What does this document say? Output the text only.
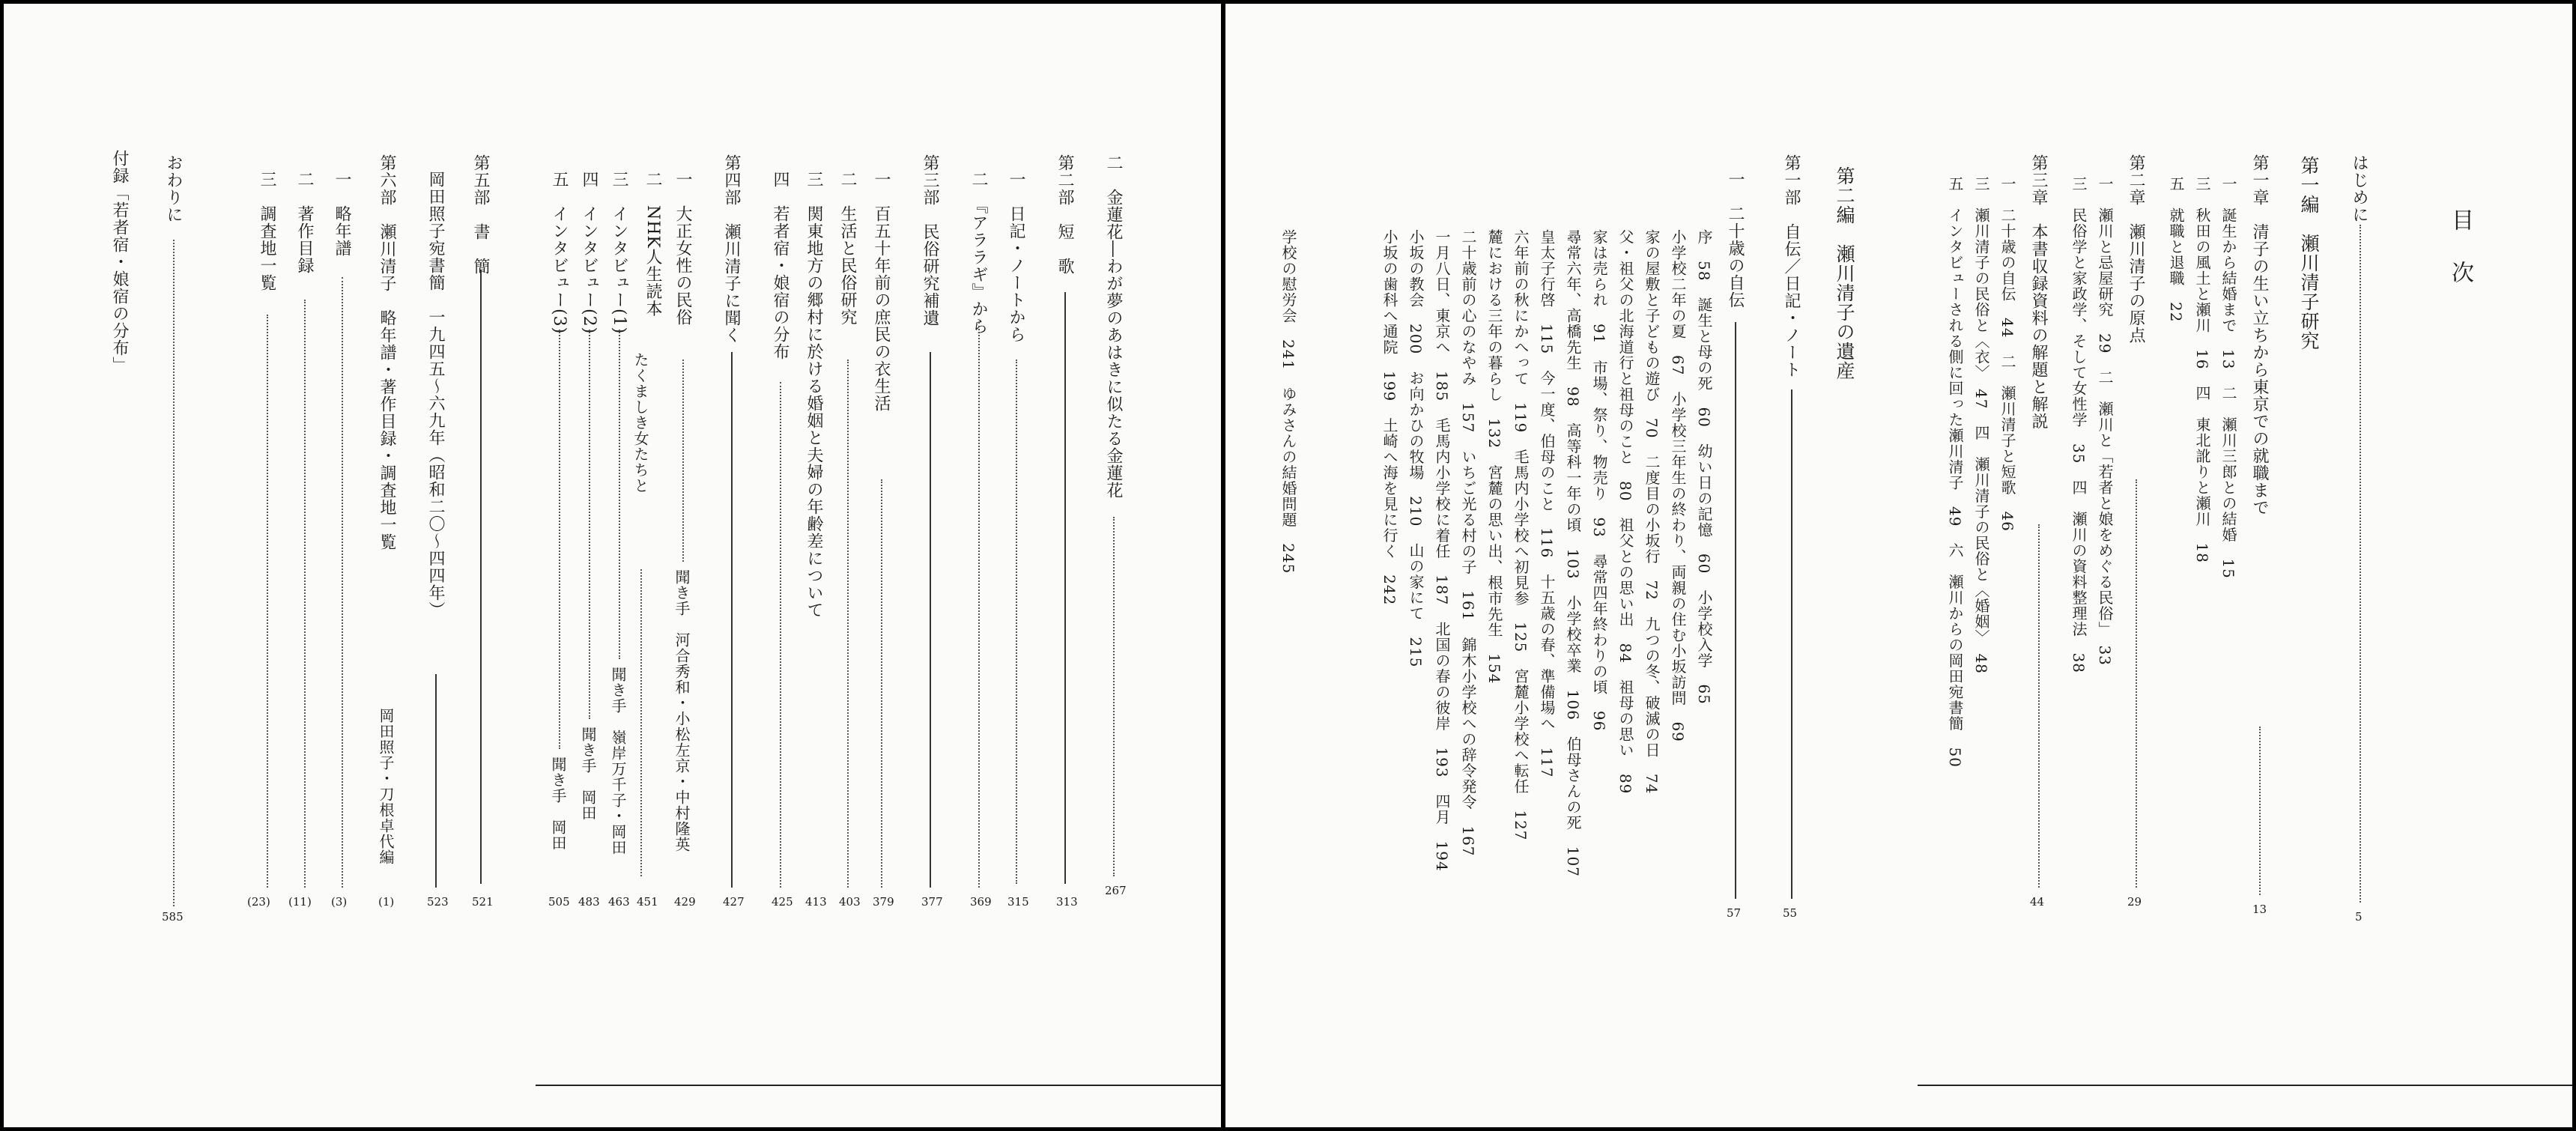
目次
はじめに
5
第一編　瀬川清子研究
第一章　清子の生い立ちから東京での就職まで
13
一　誕生から結婚まで　13　二　瀬川三郎との結婚　15
三　秋田の風土と瀬川　16　四　東北訛りと瀬川　18
五　就職と退職　22
第二章　瀬川清子の原点
29
一　瀬川と忌屋研究　29　二　瀬川と「若者と娘をめぐる民俗」　33
三　民俗学と家政学、そして女性学　35　四　瀬川の資料整理法　38
第三章　本書収録資料の解題と解説
44
一　二十歳の自伝　44　二　瀬川清子と短歌　46
三　瀬川清子の民俗と〈衣〉　47　四　瀬川清子の民俗と〈婚姻〉　48
五　インタビューされる側に回った瀬川清子　49　六　瀬川からの岡田宛書簡　50
第二編　瀬川清子の遺産
第一部　自伝／日記・ノート
55
一　二十歳の自伝
57
序　58　誕生と母の死　60　幼い日の記憶　60　小学校入学　65
小学校二年の夏　67　小学校三年生の終わり、両親の住む小坂訪問　69
家の屋敷と子どもの遊び　70　二度目の小坂行　72　九つの冬、破滅の日　74
父・祖父の北海道行と祖母のこと　80　祖父との思い出　84　祖母の思い　89
家は売られ　91　市場、祭り、物売り　93　尋常四年終わりの頃　96
尋常六年、高橋先生　98　高等科一年の頃　103　小学校卒業　106　伯母さんの死　107
皇太子行啓　115　今一度、伯母のこと　116　十五歳の春、準備場へ　117
六年前の秋にかへって　119　毛馬内小学校へ初見参　125　宮麓小学校へ転任　127
麓における三年の暮らし　132　宮麓の思い出、根市先生　154
二十歳前の心のなやみ　157　いちご光る村の子　161　錦木小学校への辞令発令　167
一月八日、東京へ　185　毛馬内小学校に着任　187　北国の春の彼岸　193　四月　194
小坂の教会　200　お向かひの牧場　210　山の家にて　215
小坂の歯科へ通院　199　土崎へ海を見に行く　242
学校の慰労会　241　ゆみさんの結婚問題　245
二　金蓮花―わが夢のあはきに似たる金蓮花
267
第二部　短　歌
313
一　日記・ノートから
315
二　『アララギ』から
369
第三部　民俗研究補遺
377
一　百五十年前の庶民の衣生活
379
二　生活と民俗研究
403
三　関東地方の郷村に於ける婚姻と夫婦の年齢差について
413
四　若者宿・娘宿の分布
425
第四部　瀬川清子に聞く
427
一　大正女性の民俗
聞き手　河合秀和・小松左京・中村隆英
429
二　NHK人生読本
たくましき女たちと
451
三　インタビュー(1)
聞き手　嶺岸万千子・岡田
463
四　インタビュー(2)
聞き手　岡田
483
五　インタビュー(3)
聞き手　岡田
505
第五部　書　簡
521
岡田照子宛書簡　一九四五～六九年（昭和二〇～四四年）
523
第六部　瀬川清子　略年譜・著作目録・調査地一覧
岡田照子・刀根卓代編
(1)
一　略年譜
(3)
二　著作目録
(11)
三　調査地一覧
(23)
おわりに
585
付録「若者宿・娘宿の分布」
